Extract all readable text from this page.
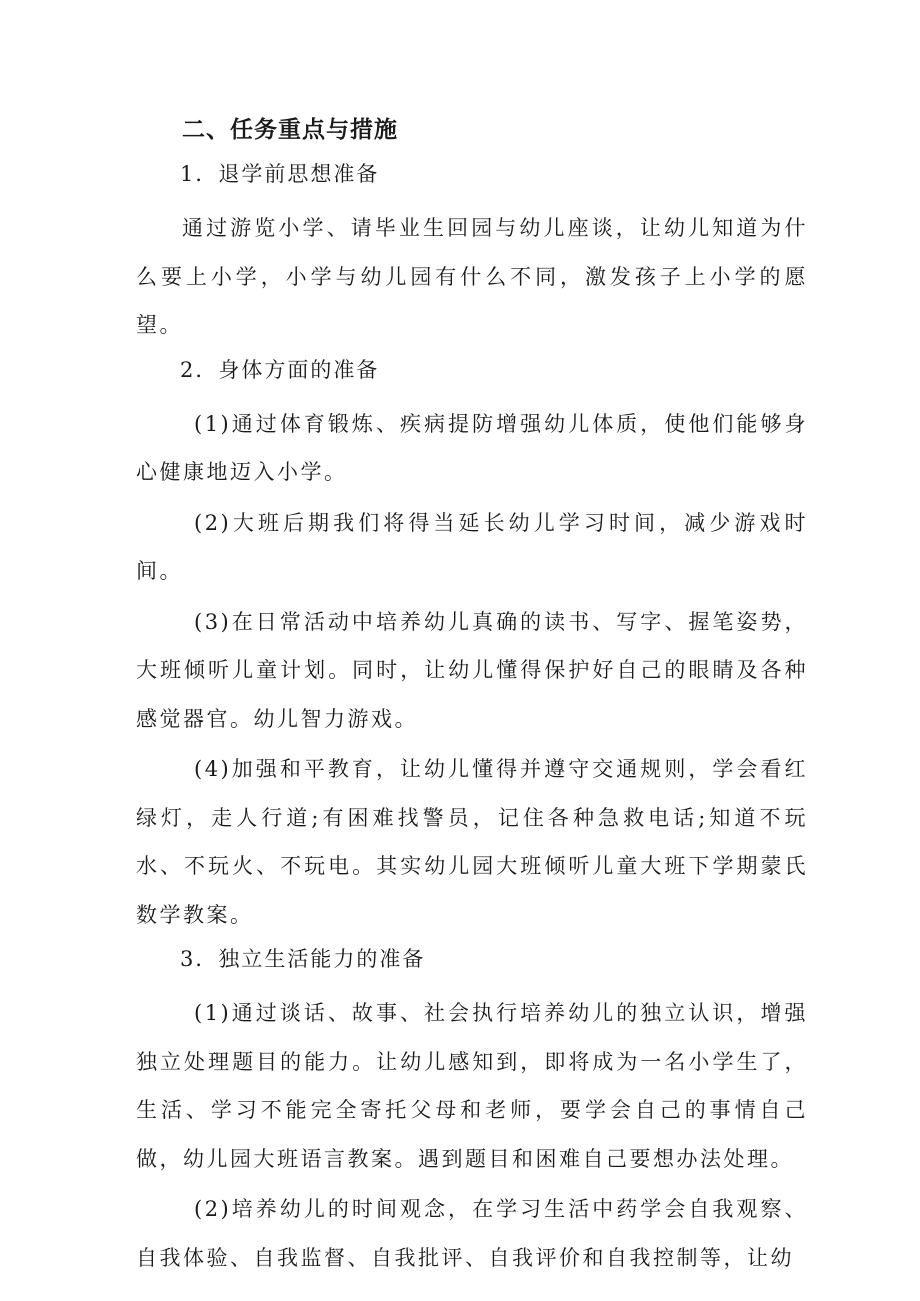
二、任务重点与措施

1．退学前思想准备

通过游览小学、请毕业生回园与幼儿座谈，让幼儿知道为什么要上小学，小学与幼儿园有什么不同，激发孩子上小学的愿望。

2．身体方面的准备

(1)通过体育锻炼、疾病提防增强幼儿体质，使他们能够身心健康地迈入小学。

(2)大班后期我们将得当延长幼儿学习时间，减少游戏时间。

(3)在日常活动中培养幼儿真确的读书、写字、握笔姿势，大班倾听儿童计划。同时，让幼儿懂得保护好自己的眼睛及各种感觉器官。幼儿智力游戏。

(4)加强和平教育，让幼儿懂得并遵守交通规则，学会看红绿灯，走人行道;有困难找警员，记住各种急救电话;知道不玩水、不玩火、不玩电。其实幼儿园大班倾听儿童大班下学期蒙氏数学教案。

3．独立生活能力的准备

(1)通过谈话、故事、社会执行培养幼儿的独立认识，增强独立处理题目的能力。让幼儿感知到，即将成为一名小学生了，生活、学习不能完全寄托父母和老师，要学会自己的事情自己做，幼儿园大班语言教案。遇到题目和困难自己要想办法处理。

(2)培养幼儿的时间观念，在学习生活中药学会自我观察、自我体验、自我监督、自我批评、自我评价和自我控制等，让幼
